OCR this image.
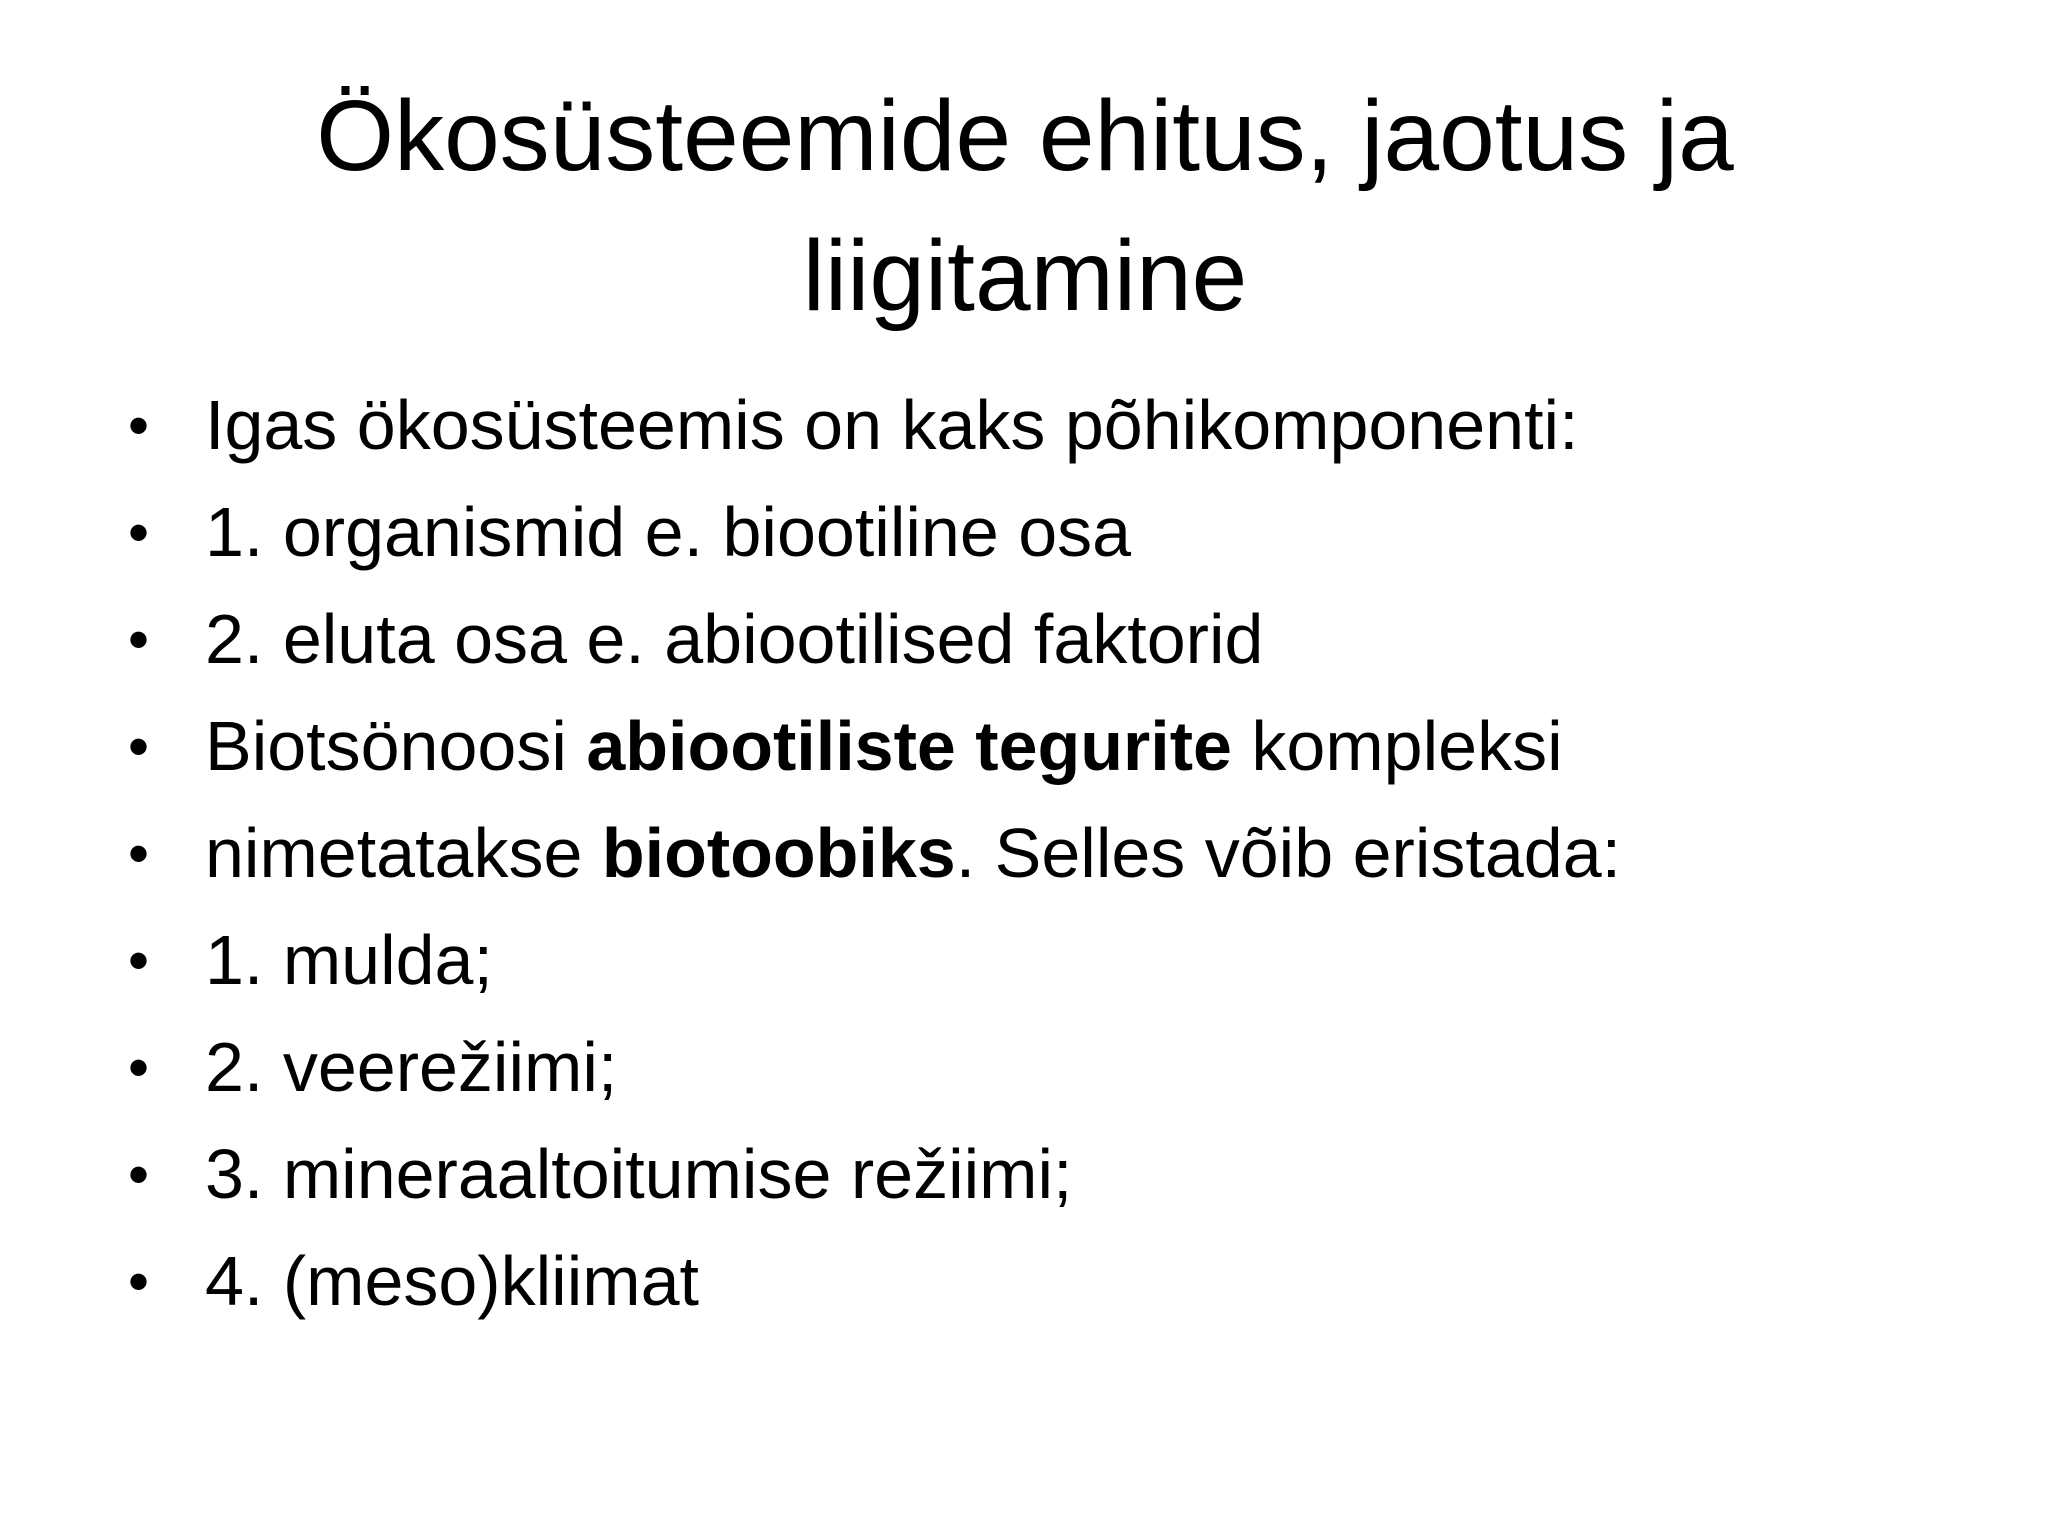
Ökosüsteemide ehitus, jaotus ja
liigitamine
• Igas ökosüsteemis on kaks põhikomponenti:
• 1. organismid e. biootiline osa
• 2. eluta osa e. abiootilised faktorid
• Biotsönoosi abiootiliste tegurite kompleksi
• nimetatakse biotoobiks. Selles võib eristada:
• 1. mulda;
• 2. veerežiimi;
• 3. mineraaltoitumise režiimi;
• 4. (meso)kliimat
